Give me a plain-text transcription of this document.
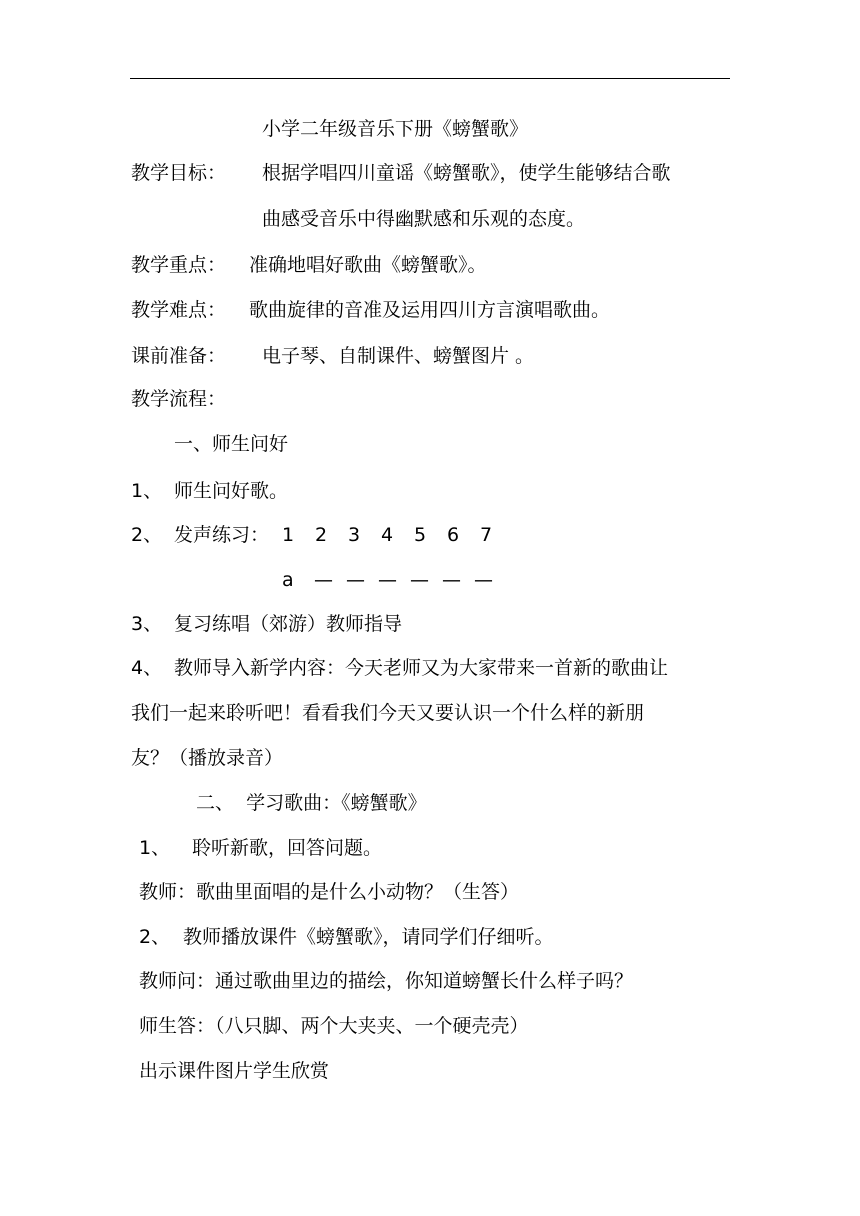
小学二年级音乐下册《螃蟹歌》
教学目标： 根据学唱四川童谣《螃蟹歌》，使学生能够结合歌
曲感受音乐中得幽默感和乐观的态度。
教学重点： 准确地唱好歌曲《螃蟹歌》。
教学难点： 歌曲旋律的音准及运用四川方言演唱歌曲。
课前准备： 电子琴、自制课件、螃蟹图片 。
教学流程：
一、师生问好
1、 师生问好歌。
2、 发声练习： 1 2 3 4 5 6 7
a — — — — — —
3、 复习练唱（郊游）教师指导
4、 教师导入新学内容：今天老师又为大家带来一首新的歌曲让
我们一起来聆听吧！看看我们今天又要认识一个什么样的新朋
友？（播放录音）
二、  学习歌曲：《螃蟹歌》
1、 聆听新歌，回答问题。
教师：歌曲里面唱的是什么小动物？（生答）
2、 教师播放课件《螃蟹歌》，请同学们仔细听。
教师问：通过歌曲里边的描绘，你知道螃蟹长什么样子吗？
师生答：（八只脚、两个大夹夹、一个硬壳壳）
出示课件图片学生欣赏
